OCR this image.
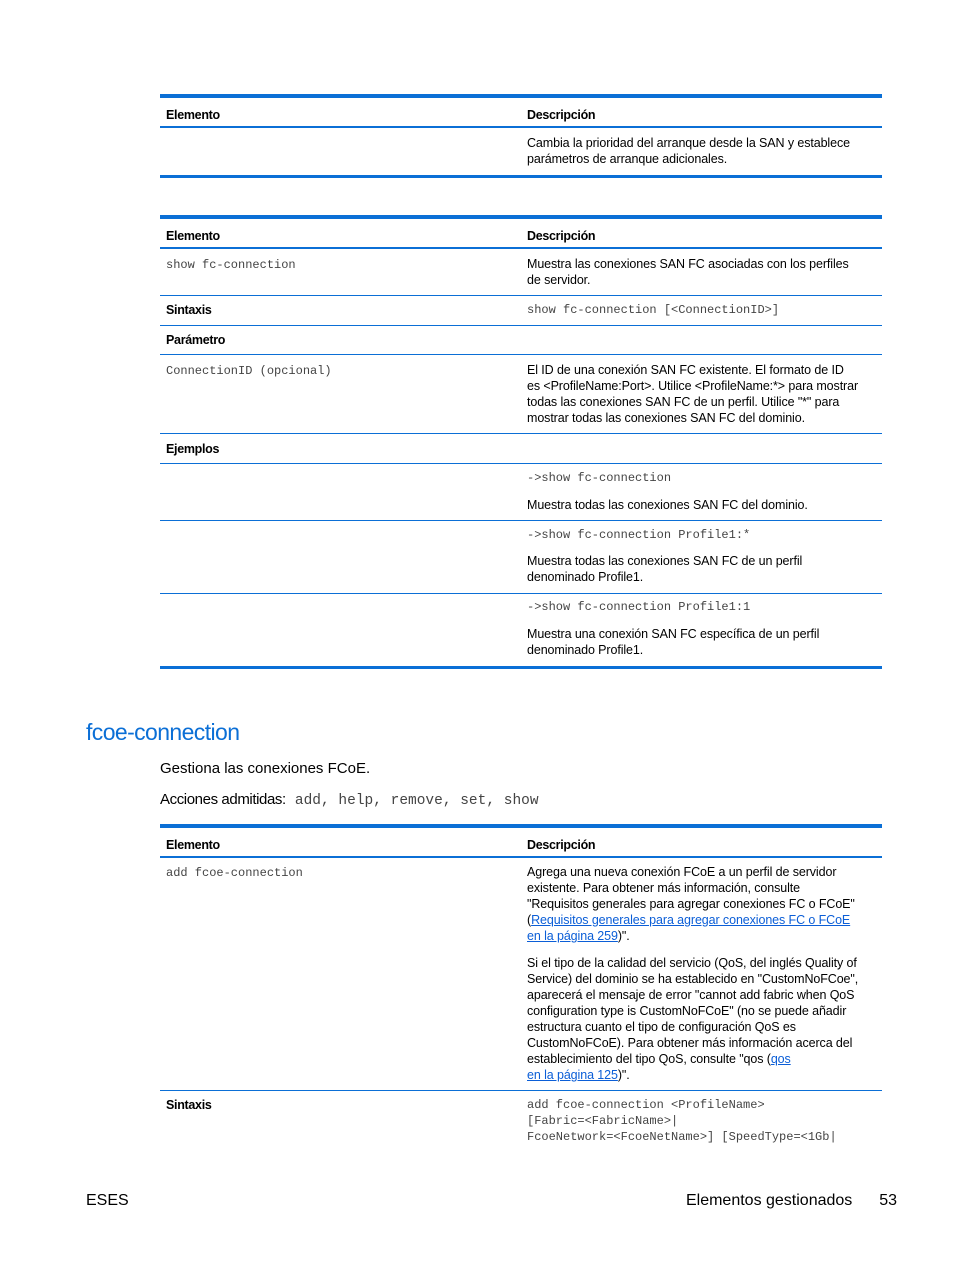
Elemento	Descripción
Cambia la prioridad del arranque desde la SAN y establece
parámetros de arranque adicionales.
Elemento	Descripción
show fc-connection	Muestra las conexiones SAN FC asociadas con los perfiles
de servidor.
Sintaxis	show fc-connection [<ConnectionID>]
Parámetro
ConnectionID (opcional)	El ID de una conexión SAN FC existente. El formato de ID
es <ProfileName:Port>. Utilice <ProfileName:*> para mostrar
todas las conexiones SAN FC de un perfil. Utilice "*" para
mostrar todas las conexiones SAN FC del dominio.
Ejemplos
->show fc-connection
Muestra todas las conexiones SAN FC del dominio.
->show fc-connection Profile1:*
Muestra todas las conexiones SAN FC de un perfil
denominado Profile1.
->show fc-connection Profile1:1
Muestra una conexión SAN FC específica de un perfil
denominado Profile1.
fcoe-connection
Gestiona las conexiones FCoE.
Acciones admitidas: add, help, remove, set, show
Elemento	Descripción
add fcoe-connection	Agrega una nueva conexión FCoE a un perfil de servidor
existente. Para obtener más información, consulte
"Requisitos generales para agregar conexiones FC o FCoE"
(Requisitos generales para agregar conexiones FC o FCoE
en la página 259)".
Si el tipo de la calidad del servicio (QoS, del inglés Quality of
Service) del dominio se ha establecido en "CustomNoFCoe",
aparecerá el mensaje de error "cannot add fabric when QoS
configuration type is CustomNoFCoE" (no se puede añadir
estructura cuanto el tipo de configuración QoS es
CustomNoFCoE). Para obtener más información acerca del
establecimiento del tipo QoS, consulte "qos (qos
en la página 125)".
Sintaxis	add fcoe-connection <ProfileName>
[Fabric=<FabricName>|
FcoeNetwork=<FcoeNetName>] [SpeedType=<1Gb|
ESES	Elementos gestionados 53
